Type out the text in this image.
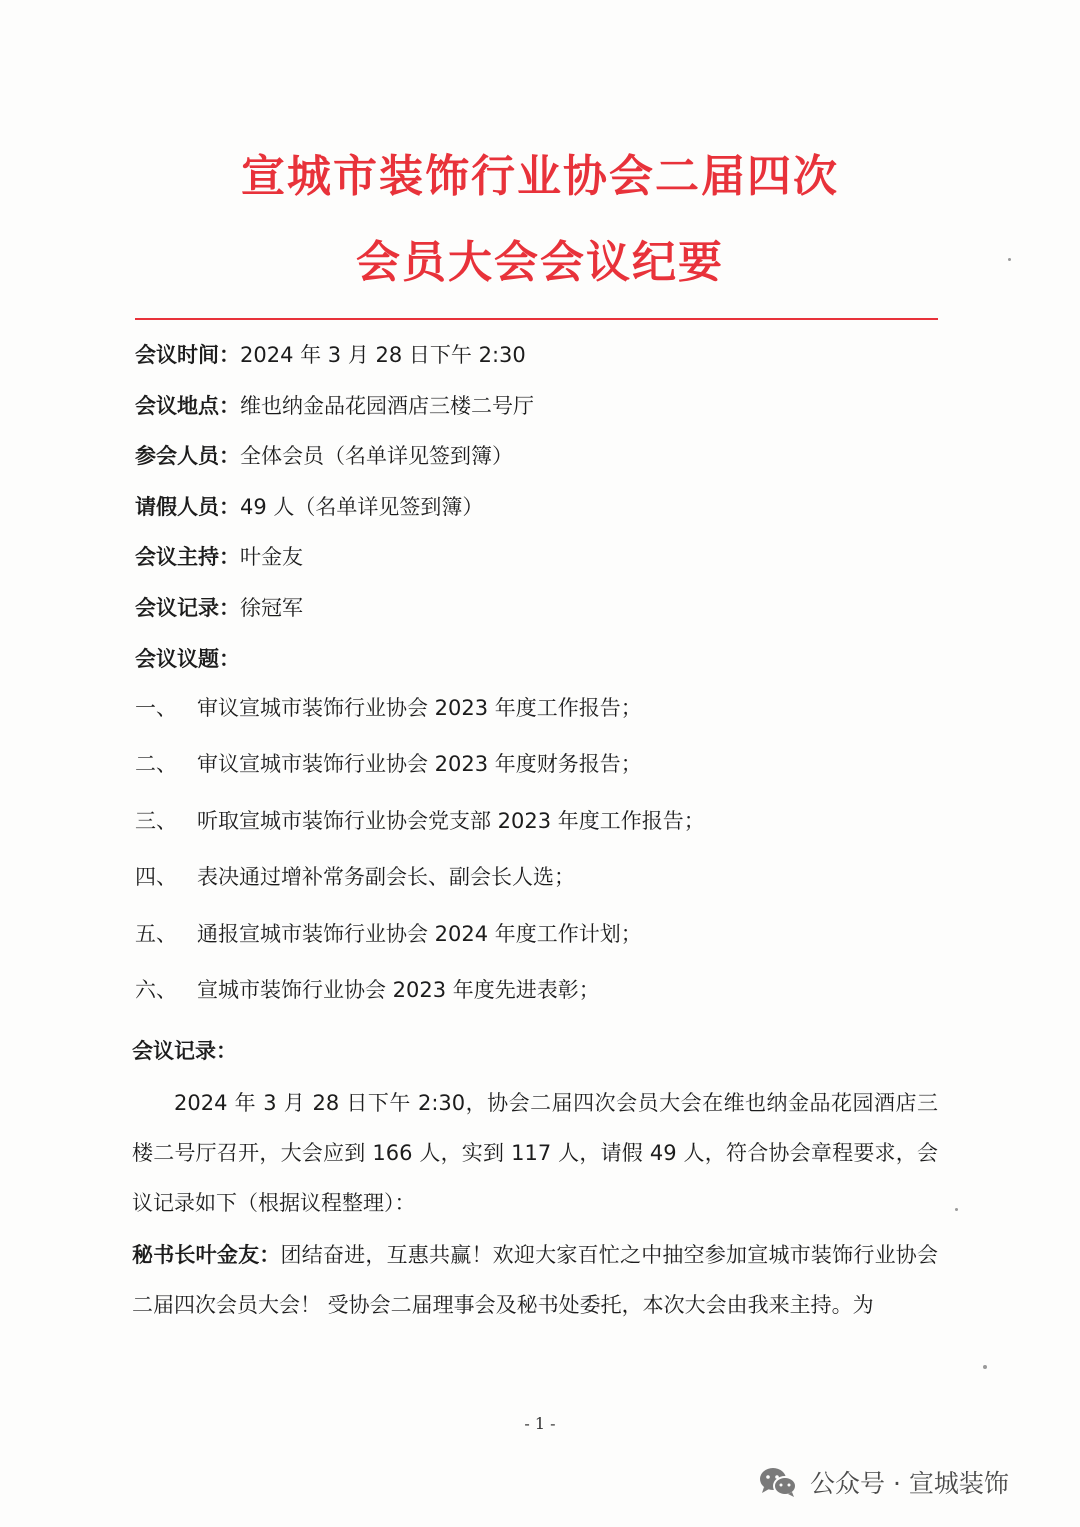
宣城市装饰行业协会二届四次
会员大会会议纪要
会议时间：2024 年 3 月 28 日下午 2:30
会议地点：维也纳金品花园酒店三楼二号厅
参会人员：全体会员（名单详见签到簿）
请假人员：49 人（名单详见签到簿）
会议主持：叶金友
会议记录：徐冠军
会议议题：
一、 审议宣城市装饰行业协会 2023 年度工作报告；
二、 审议宣城市装饰行业协会 2023 年度财务报告；
三、 听取宣城市装饰行业协会党支部 2023 年度工作报告；
四、 表决通过增补常务副会长、副会长人选；
五、 通报宣城市装饰行业协会 2024 年度工作计划；
六、 宣城市装饰行业协会 2023 年度先进表彰；
会议记录：
2024 年 3 月 28 日下午 2:30，协会二届四次会员大会在维也纳金品花园酒店三楼二号厅召开，大会应到 166 人，实到 117 人，请假 49 人，符合协会章程要求，会议记录如下（根据议程整理）：
秘书长叶金友：团结奋进，互惠共赢！欢迎大家百忙之中抽空参加宣城市装饰行业协会二届四次会员大会！ 受协会二届理事会及秘书处委托，本次大会由我来主持。为
- 1 -
公众号 · 宣城装饰
